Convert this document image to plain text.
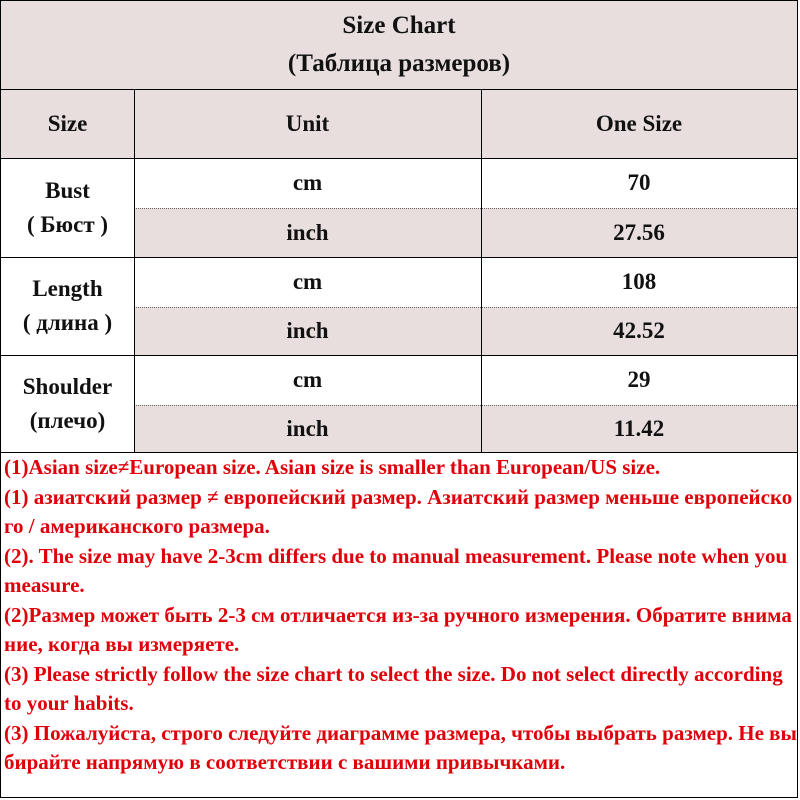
Size Chart
(Таблица размеров)
Size	Unit	One Size
Bust
( Бюст )
cm	70
inch	27.56
Length
( длина )
cm	108
inch	42.52
Shoulder
(плечо)
cm	29
inch	11.42
(1)Asian size≠European size. Asian size is smaller than European/US size.
(1) азиатский размер ≠ европейский размер. Азиатский размер меньше европейско
го / американского размера.
(2). The size may have 2-3cm differs due to manual measurement. Please note when you
measure.
(2)Размер может быть 2-3 см отличается из-за ручного измерения. Обратите внима
ние, когда вы измеряете.
(3) Please strictly follow the size chart to select the size. Do not select directly according
to your habits.
(3) Пожалуйста, строго следуйте диаграмме размера, чтобы выбрать размер. Не вы
бирайте напрямую в соответствии с вашими привычками.
